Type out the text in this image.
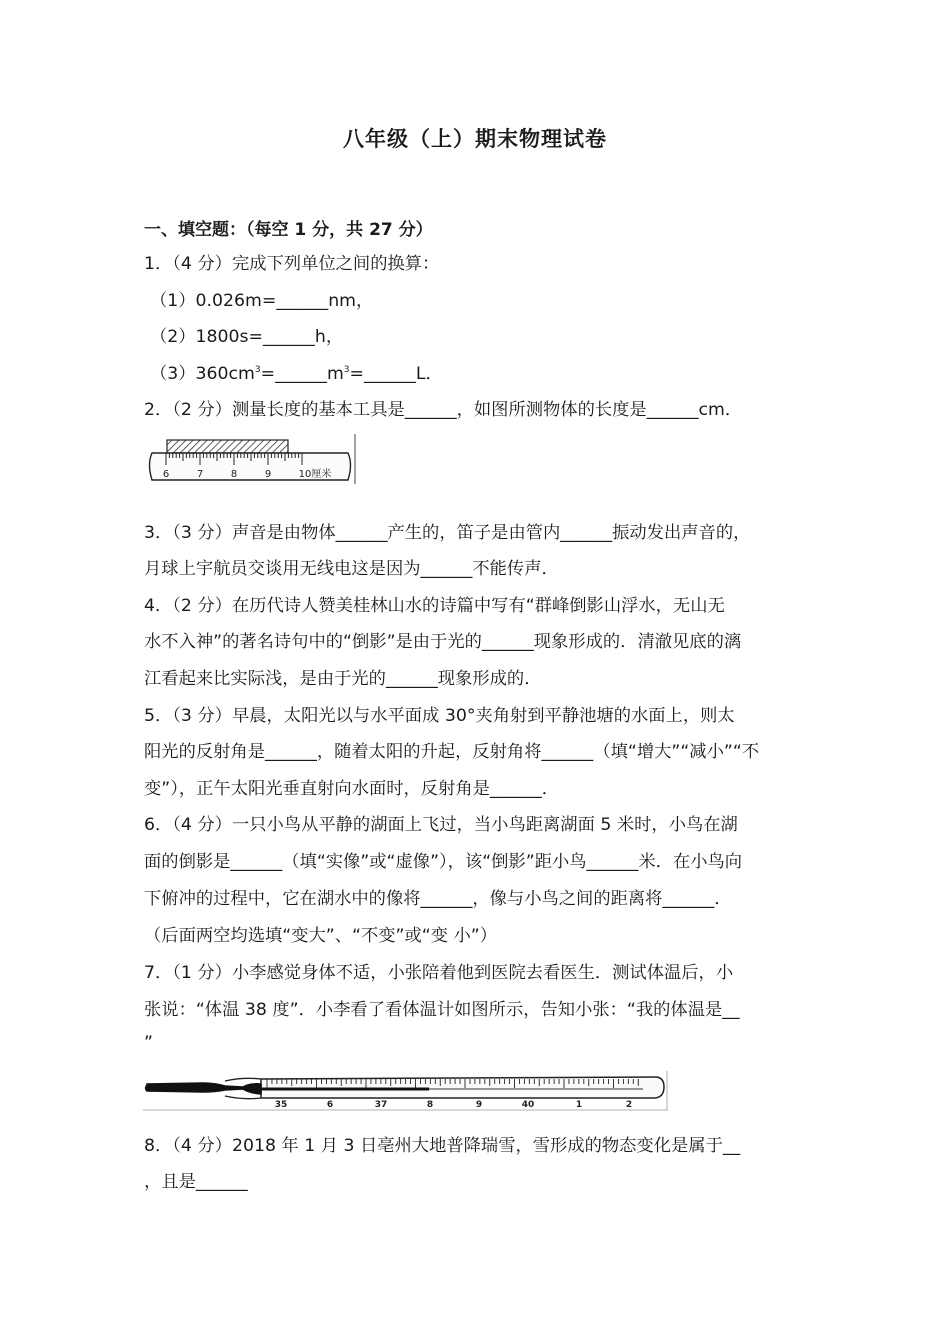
八年级（上）期末物理试卷
一、填空题：（每空 1 分，共 27 分）
1．（4 分）完成下列单位之间的换算：
（1）0.026m=______nm，
（2）1800s=______h，
$(3)360cm^3=\_\_\_\_\_\_m^3=\_\_\_\_\_\_L$．
2．（2 分）测量长度的基本工具是______，如图所测物体的长度是______cm．
6	7	8	9	10厘米
3．（3 分）声音是由物体______产生的，笛子是由管内______振动发出声音的，
月球上宇航员交谈用无线电这是因为______不能传声．
4．（2 分）在历代诗人赞美桂林山水的诗篇中写有“群峰倒影山浮水，无山无
水不入神”的著名诗句中的“倒影”是由于光的______现象形成的．清澈见底的漓
江看起来比实际浅，是由于光的______现象形成的．
5．（3 分）早晨，太阳光以与水平面成 30°夹角射到平静池塘的水面上，则太
阳光的反射角是______，随着太阳的升起，反射角将______（填“增大”“减小”“不
变”），正午太阳光垂直射向水面时，反射角是______．
6．（4 分）一只小鸟从平静的湖面上飞过，当小鸟距离湖面 5 米时，小鸟在湖
面的倒影是______（填“实像”或“虚像”），该“倒影”距小鸟______米．在小鸟向
下俯冲的过程中，它在湖水中的像将______，像与小鸟之间的距离将______．
（后面两空均选填“变大”、“不变”或“变 小”）
7．（1 分）小李感觉身体不适，小张陪着他到医院去看医生．测试体温后，小
张说：“体温 38 度”．小李看了看体温计如图所示，告知小张：“我的体温是__
”
35	6	37	8	9	40	1	2
8．（4 分）2018 年 1 月 3 日亳州大地普降瑞雪，雪形成的物态变化是属于__
，且是______
